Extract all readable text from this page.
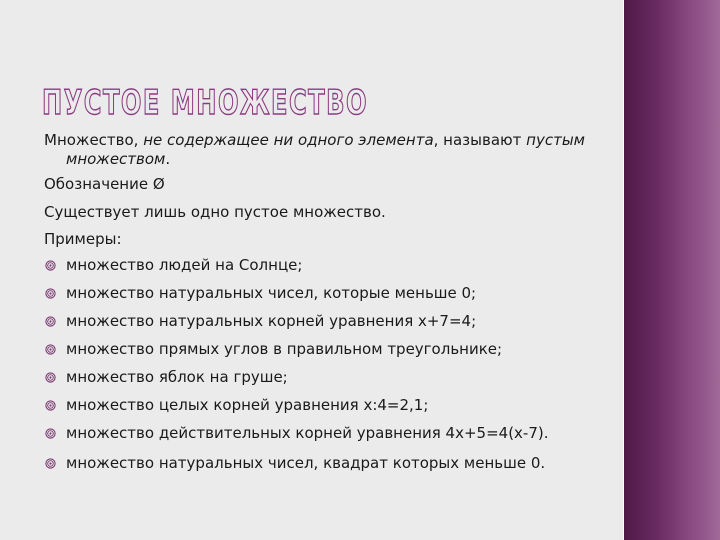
ПУСТОЕ МНОЖЕСТВО

Множество, не содержащее ни одного элемента, называют пустым множеством.

Обозначение Ø

Существует лишь одно пустое множество.

Примеры:

множество людей на Солнце;
множество натуральных чисел, которые меньше 0;
множество натуральных корней уравнения х+7=4;
множество прямых углов в правильном треугольнике;
множество яблок на груше;
множество целых корней уравнения х:4=2,1;
множество действительных корней уравнения 4х+5=4(х-7).
множество натуральных чисел, квадрат которых меньше 0.
